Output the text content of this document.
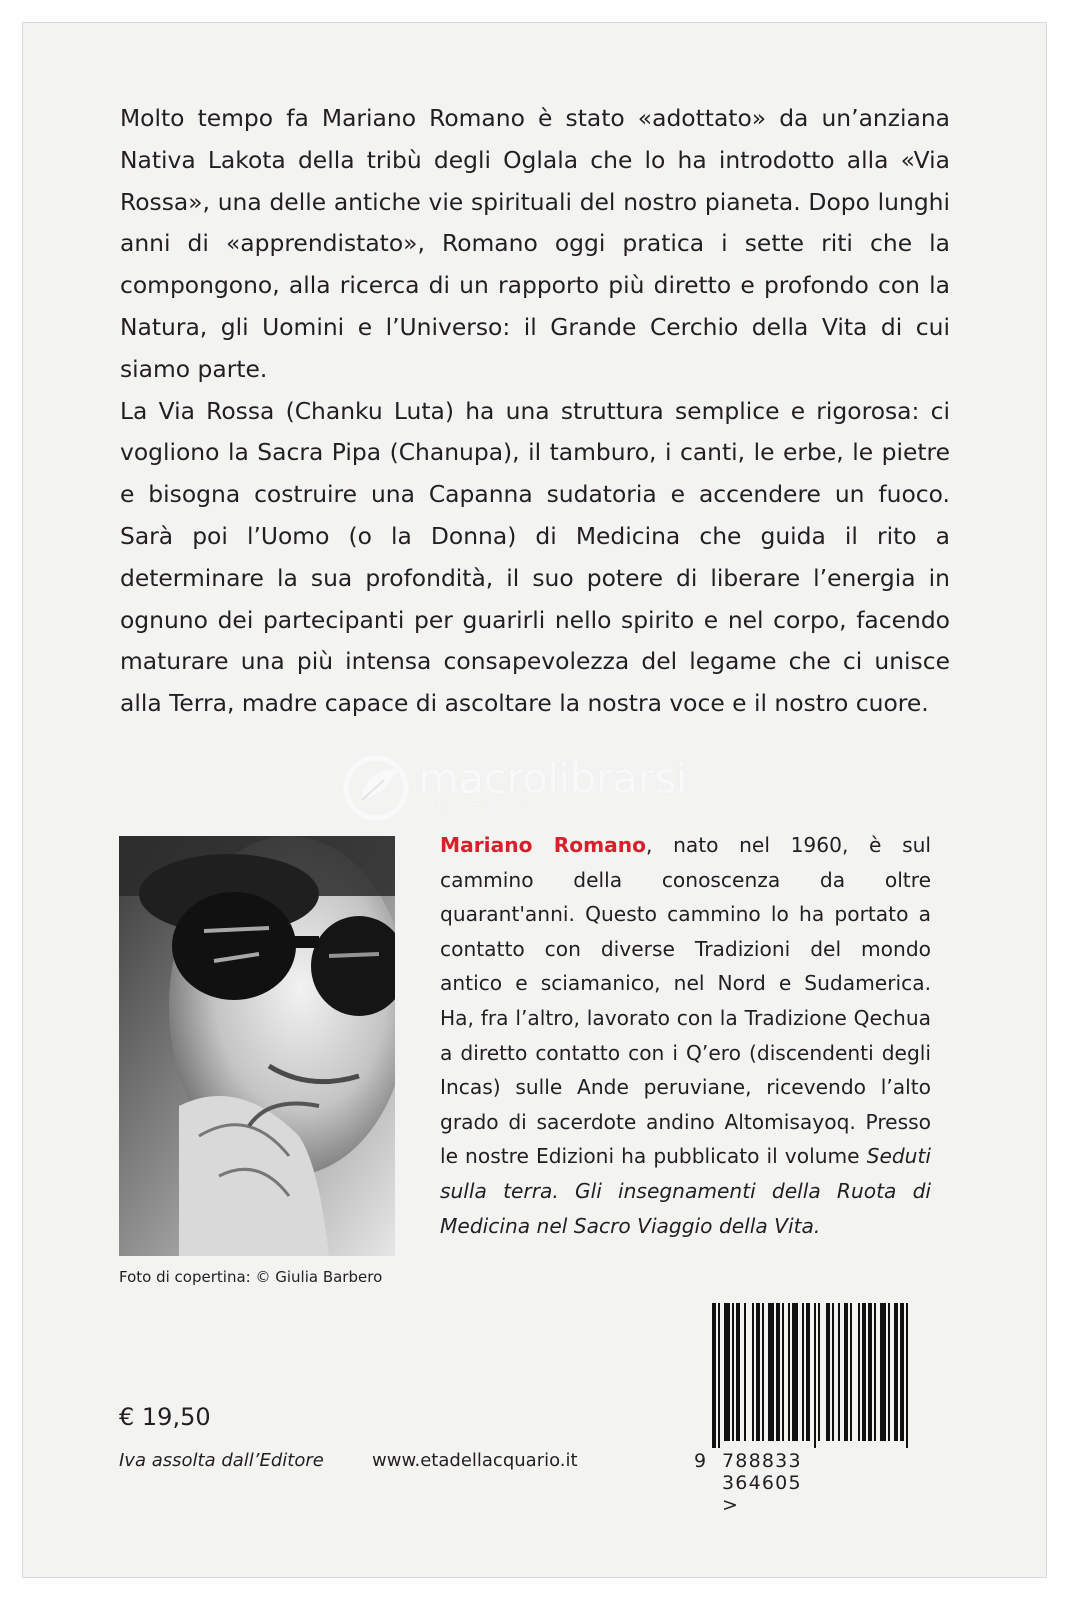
Molto tempo fa Mariano Romano è stato «adottato» da un’anziana Nativa Lakota della tribù degli Oglala che lo ha introdotto alla «Via Rossa», una delle antiche vie spirituali del nostro pianeta. Dopo lunghi anni di «apprendistato», Romano oggi pratica i sette riti che la compongono, alla ricerca di un rapporto più diretto e profondo con la Natura, gli Uomini e l’Universo: il Grande Cerchio della Vita di cui siamo parte.

La Via Rossa (Chanku Luta) ha una struttura semplice e rigorosa: ci vogliono la Sacra Pipa (Chanupa), il tamburo, i canti, le erbe, le pietre e bisogna costruire una Capanna sudatoria e accendere un fuoco. Sarà poi l’Uomo (o la Donna) di Medicina che guida il rito a determinare la sua profondità, il suo potere di liberare l’energia in ognuno dei partecipanti per guarirli nello spirito e nel corpo, facendo maturare una più intensa consapevolezza del legame che ci unisce alla Terra, madre capace di ascoltare la nostra voce e il nostro cuore.

macrolibrarsi
ALTERNATIVA NATURALE

Mariano Romano, nato nel 1960, è sul cammino della conoscenza da oltre quarant'anni. Questo cammino lo ha portato a contatto con diverse Tradizioni del mondo antico e sciamanico, nel Nord e Sudamerica. Ha, fra l’altro, lavorato con la Tradizione Qechua a diretto contatto con i Q’ero (discendenti degli Incas) sulle Ande peruviane, ricevendo l’alto grado di sacerdote andino Altomisayoq. Presso le nostre Edizioni ha pubblicato il volume Seduti sulla terra. Gli insegnamenti della Ruota di Medicina nel Sacro Viaggio della Vita.

Foto di copertina: © Giulia Barbero
€ 19,50
Iva assolta dall’Editore	www.etadellacquario.it	9 788833 364605 >
